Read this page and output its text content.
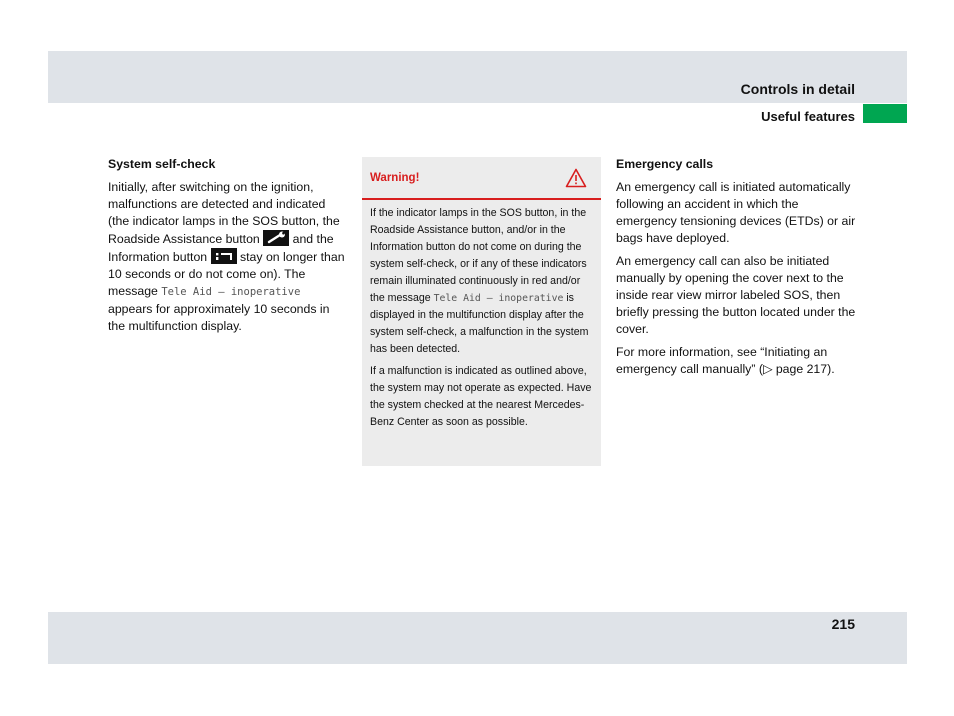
Controls in detail
Useful features

System self-check

Initially, after switching on the ignition, malfunctions are detected and indicated (the indicator lamps in the SOS button, the Roadside Assistance button	and the Information button	stay on longer than 10 seconds or do not come on). The message Tele Aid – inoperative appears for approximately 10 seconds in the multifunction display.

Warning!

If the indicator lamps in the SOS button, in the Roadside Assistance button, and/or in the Information button do not come on during the system self-check, or if any of these indicators remain illuminated continuously in red and/or the message Tele Aid – inoperative is displayed in the multifunction display after the system self-check, a malfunction in the system has been detected.

If a malfunction is indicated as outlined above, the system may not operate as expected. Have the system checked at the nearest Mercedes-Benz Center as soon as possible.

Emergency calls

An emergency call is initiated automatically following an accident in which the emergency tensioning devices (ETDs) or air bags have deployed.

An emergency call can also be initiated manually by opening the cover next to the inside rear view mirror labeled SOS, then briefly pressing the button located under the cover.

For more information, see “Initiating an emergency call manually” (▷ page 217).

215
